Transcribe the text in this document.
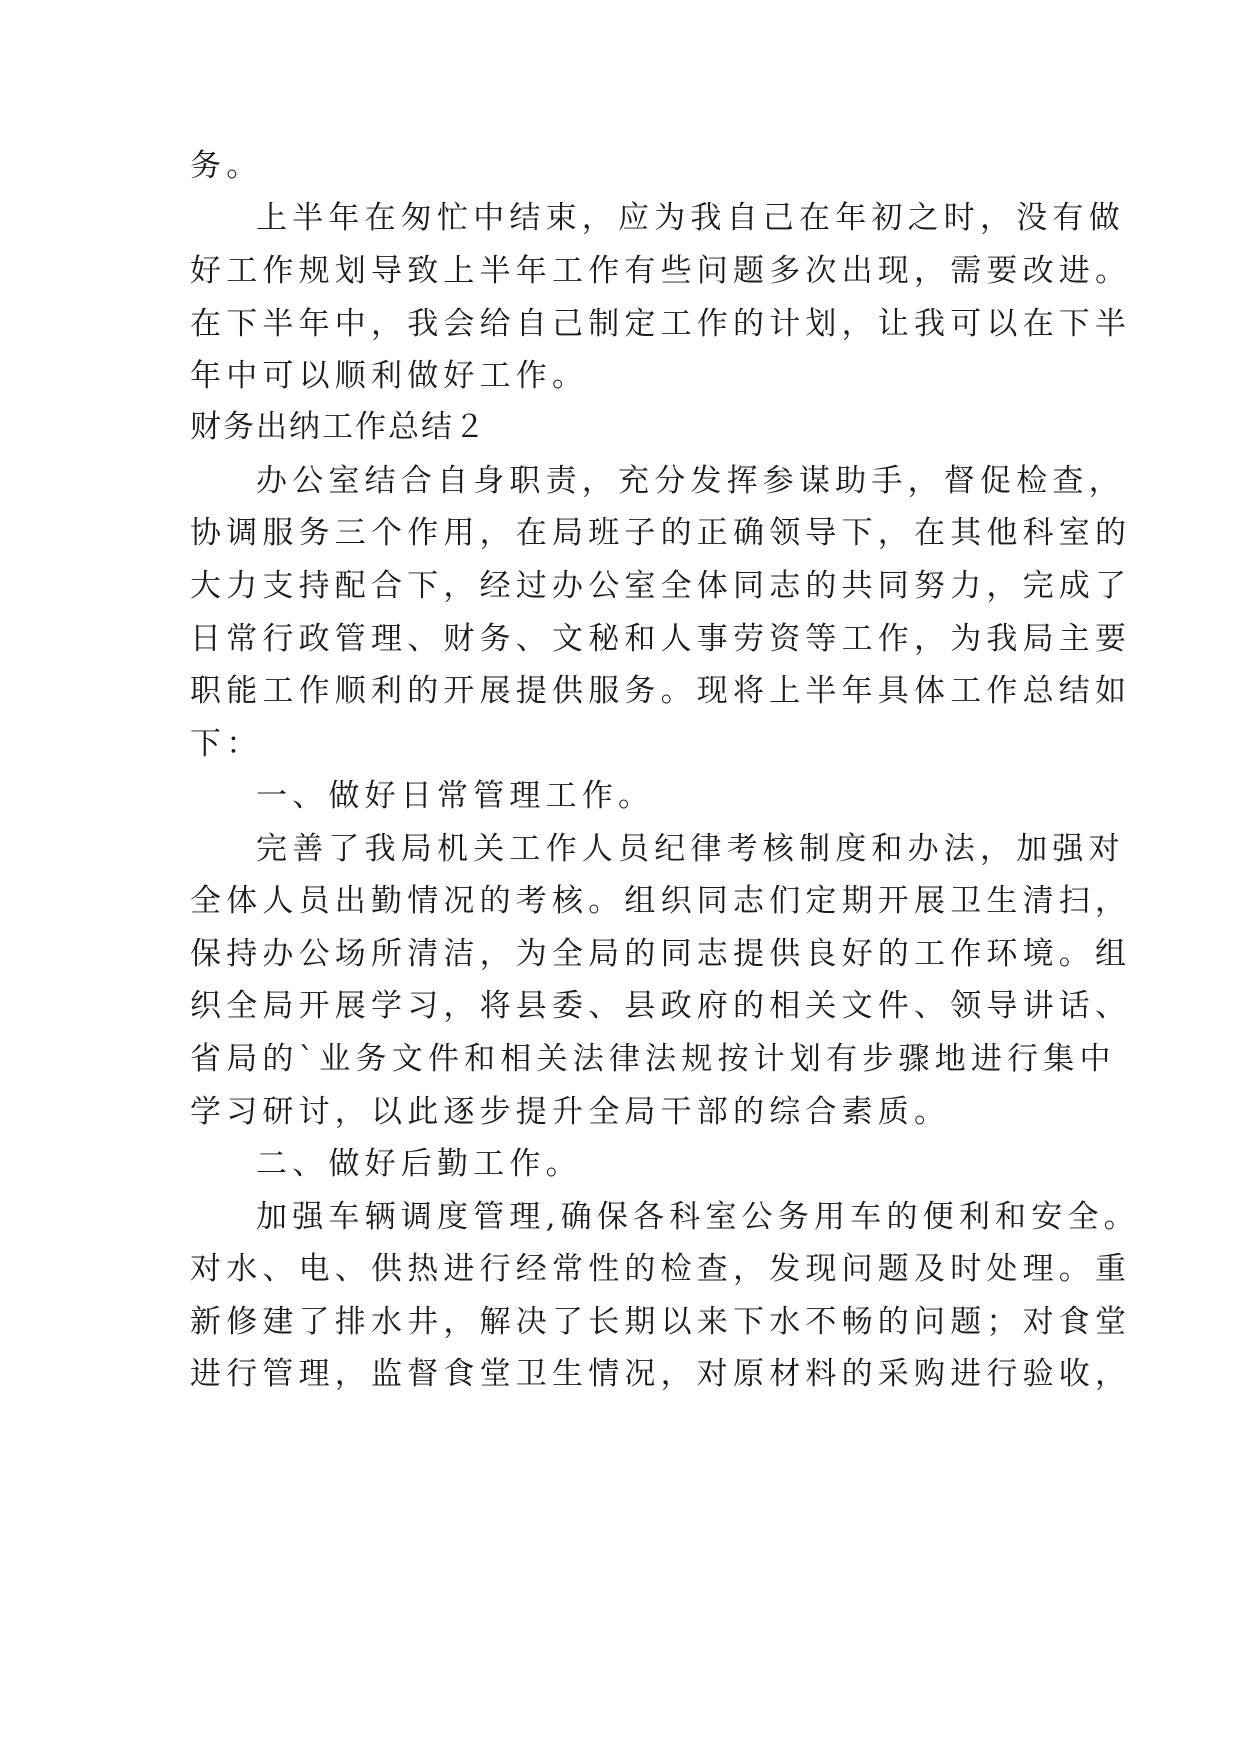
务。
上半年在匆忙中结束，应为我自己在年初之时，没有做
好工作规划导致上半年工作有些问题多次出现，需要改进。
在下半年中，我会给自己制定工作的计划，让我可以在下半
年中可以顺利做好工作。
财务出纳工作总结２
办公室结合自身职责，充分发挥参谋助手，督促检查，
协调服务三个作用，在局班子的正确领导下，在其他科室的
大力支持配合下，经过办公室全体同志的共同努力，完成了
日常行政管理、财务、文秘和人事劳资等工作，为我局主要
职能工作顺利的开展提供服务。现将上半年具体工作总结如
下：
一、做好日常管理工作。
完善了我局机关工作人员纪律考核制度和办法，加强对
全体人员出勤情况的考核。组织同志们定期开展卫生清扫，
保持办公场所清洁，为全局的同志提供良好的工作环境。组
织全局开展学习，将县委、县政府的相关文件、领导讲话、
省局的`业务文件和相关法律法规按计划有步骤地进行集中
学习研讨，以此逐步提升全局干部的综合素质。
二、做好后勤工作。
加强车辆调度管理,确保各科室公务用车的便利和安全。
对水、电、供热进行经常性的检查，发现问题及时处理。重
新修建了排水井，解决了长期以来下水不畅的问题；对食堂
进行管理，监督食堂卫生情况，对原材料的采购进行验收，
